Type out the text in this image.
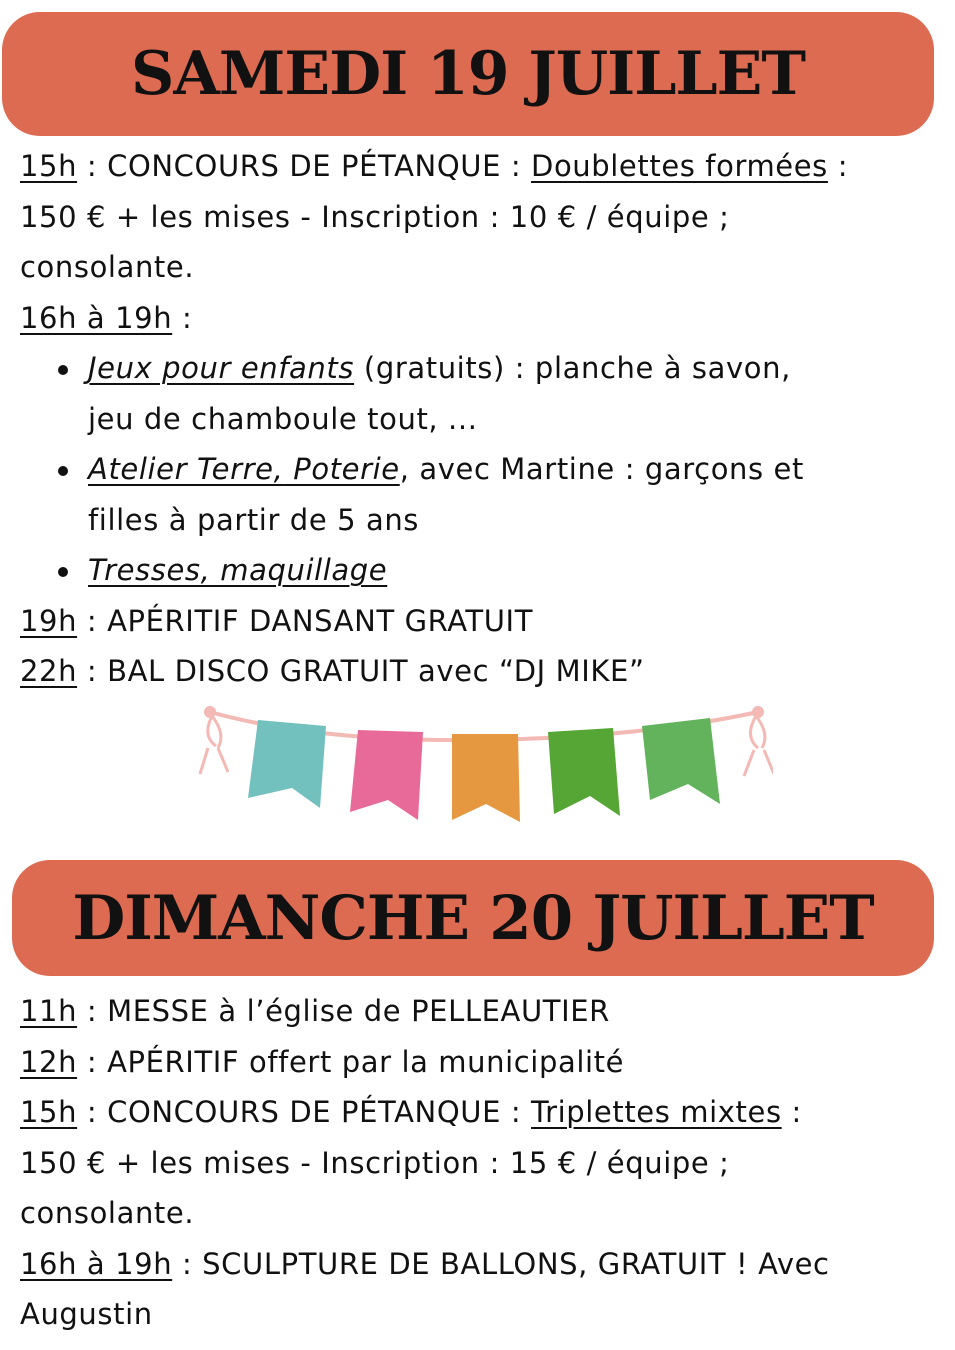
SAMEDI 19 JUILLET
15h : CONCOURS DE PÉTANQUE : Doublettes formées :
150 € + les mises - Inscription : 10 € / équipe ;
consolante.
16h à 19h :
Jeux pour enfants (gratuits) : planche à savon,
jeu de chamboule tout, ...
Atelier Terre, Poterie, avec Martine : garçons et
filles à partir de 5 ans
Tresses, maquillage
19h : APÉRITIF DANSANT GRATUIT
22h : BAL DISCO GRATUIT avec “DJ MIKE”
DIMANCHE 20 JUILLET
11h : MESSE à l’église de PELLEAUTIER
12h : APÉRITIF offert par la municipalité
15h : CONCOURS DE PÉTANQUE : Triplettes mixtes :
150 € + les mises - Inscription : 15 € / équipe ;
consolante.
16h à 19h : SCULPTURE DE BALLONS, GRATUIT ! Avec
Augustin
